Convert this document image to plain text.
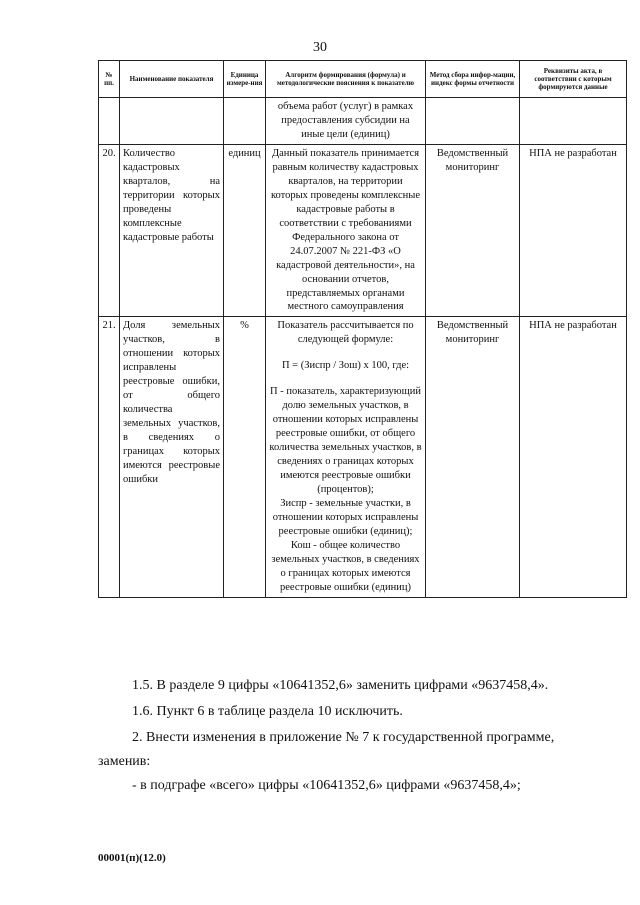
30
№ пп.	Наименование показателя	Единица измере-ния	Алгоритм формирования (формула) и методологические пояснения к показателю	Метод сбора инфор-мации, индекс формы отчетности	Реквизиты акта, в соответствии с которым формируются данные

			объема работ (услуг) в рамках
предоставления субсидии на
иные цели (единиц)		

20.	Количество кадастровых кварталов, на территории которых проведены комплексные кадастровые работы	единиц	Данный показатель принимается равным количеству кадастровых кварталов, на территории которых проведены комплексные кадастровые работы в соответствии с требованиями Федерального закона от 24.07.2007 № 221-ФЗ «О кадастровой деятельности», на основании отчетов, представляемых органами местного самоуправления	Ведомственный мониторинг	НПА не разработан
21.	Доля земельных участков, в отношении которых исправлены реестровые ошибки, от общего количества земельных участков, в сведениях о границах которых имеются реестровые ошибки	%	Показатель рассчитывается по следующей формуле:
П = (Зиспр / Зош) х 100, где:
П - показатель, характеризующий долю земельных участков, в отношении которых исправлены реестровые ошибки, от общего количества земельных участков, в сведениях о границах которых имеются реестровые ошибки (процентов);
Зиспр - земельные участки, в отношении которых исправлены реестровые ошибки (единиц);
Кош - общее количество земельных участков, в сведениях о границах которых имеются реестровые ошибки (единиц)	Ведомственный мониторинг	НПА не разработан
1.5. В разделе 9 цифры «10641352,6» заменить цифрами «9637458,4».
1.6. Пункт 6 в таблице раздела 10 исключить.
2. Внести изменения в приложение № 7 к государственной программе,
заменив:
- в подграфе «всего» цифры «10641352,6» цифрами «9637458,4»;
00001(п)(12.0)
